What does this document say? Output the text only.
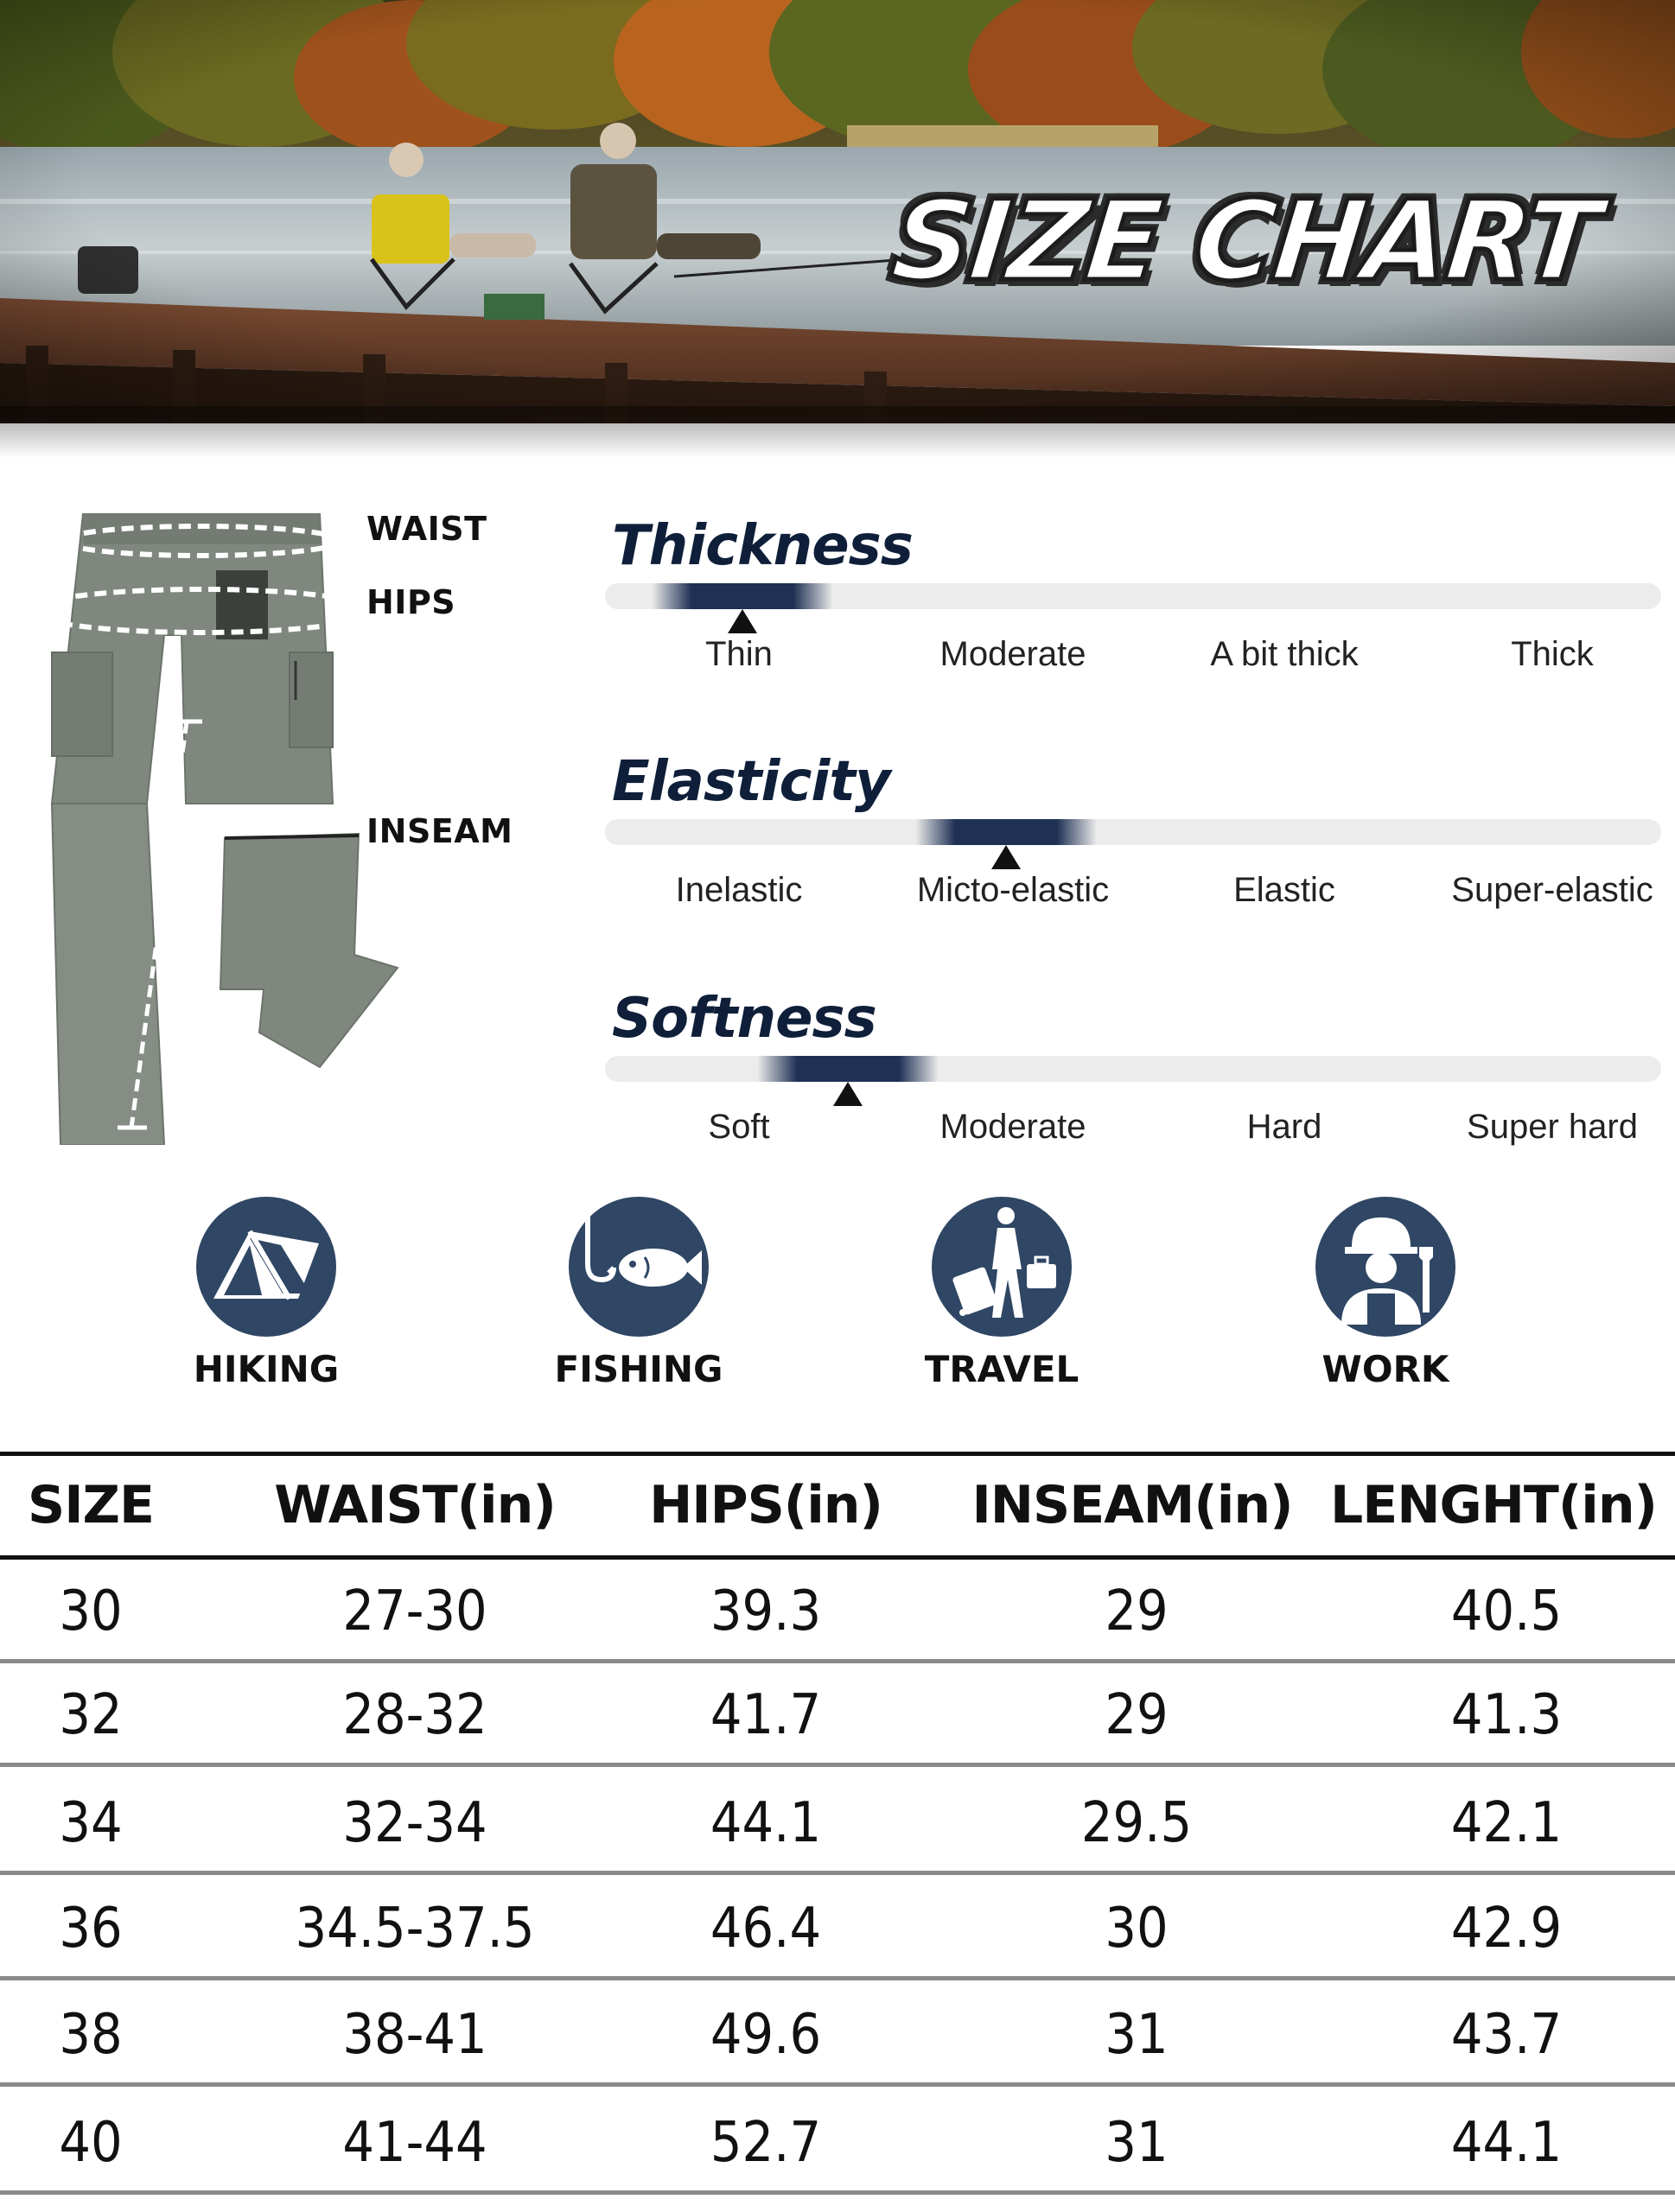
SIZE CHART
WAIST
HIPS
INSEAM
Thickness
Thin	Moderate	A bit thick	Thick
Elasticity
Inelastic	Micto-elastic	Elastic	Super-elastic
Softness
Soft	Moderate	Hard	Super hard
HIKING	FISHING	TRAVEL	WORK
SIZE	WAIST(in)	HIPS(in)	INSEAM(in) LENGHT(in)
30	27-30	39.3	29	40.5
32	28-32	41.7	29	41.3
34	32-34	44.1	29.5	42.1
36	34.5-37.5	46.4	30	42.9
38	38-41	49.6	31	43.7
40	41-44	52.7	31	44.1
